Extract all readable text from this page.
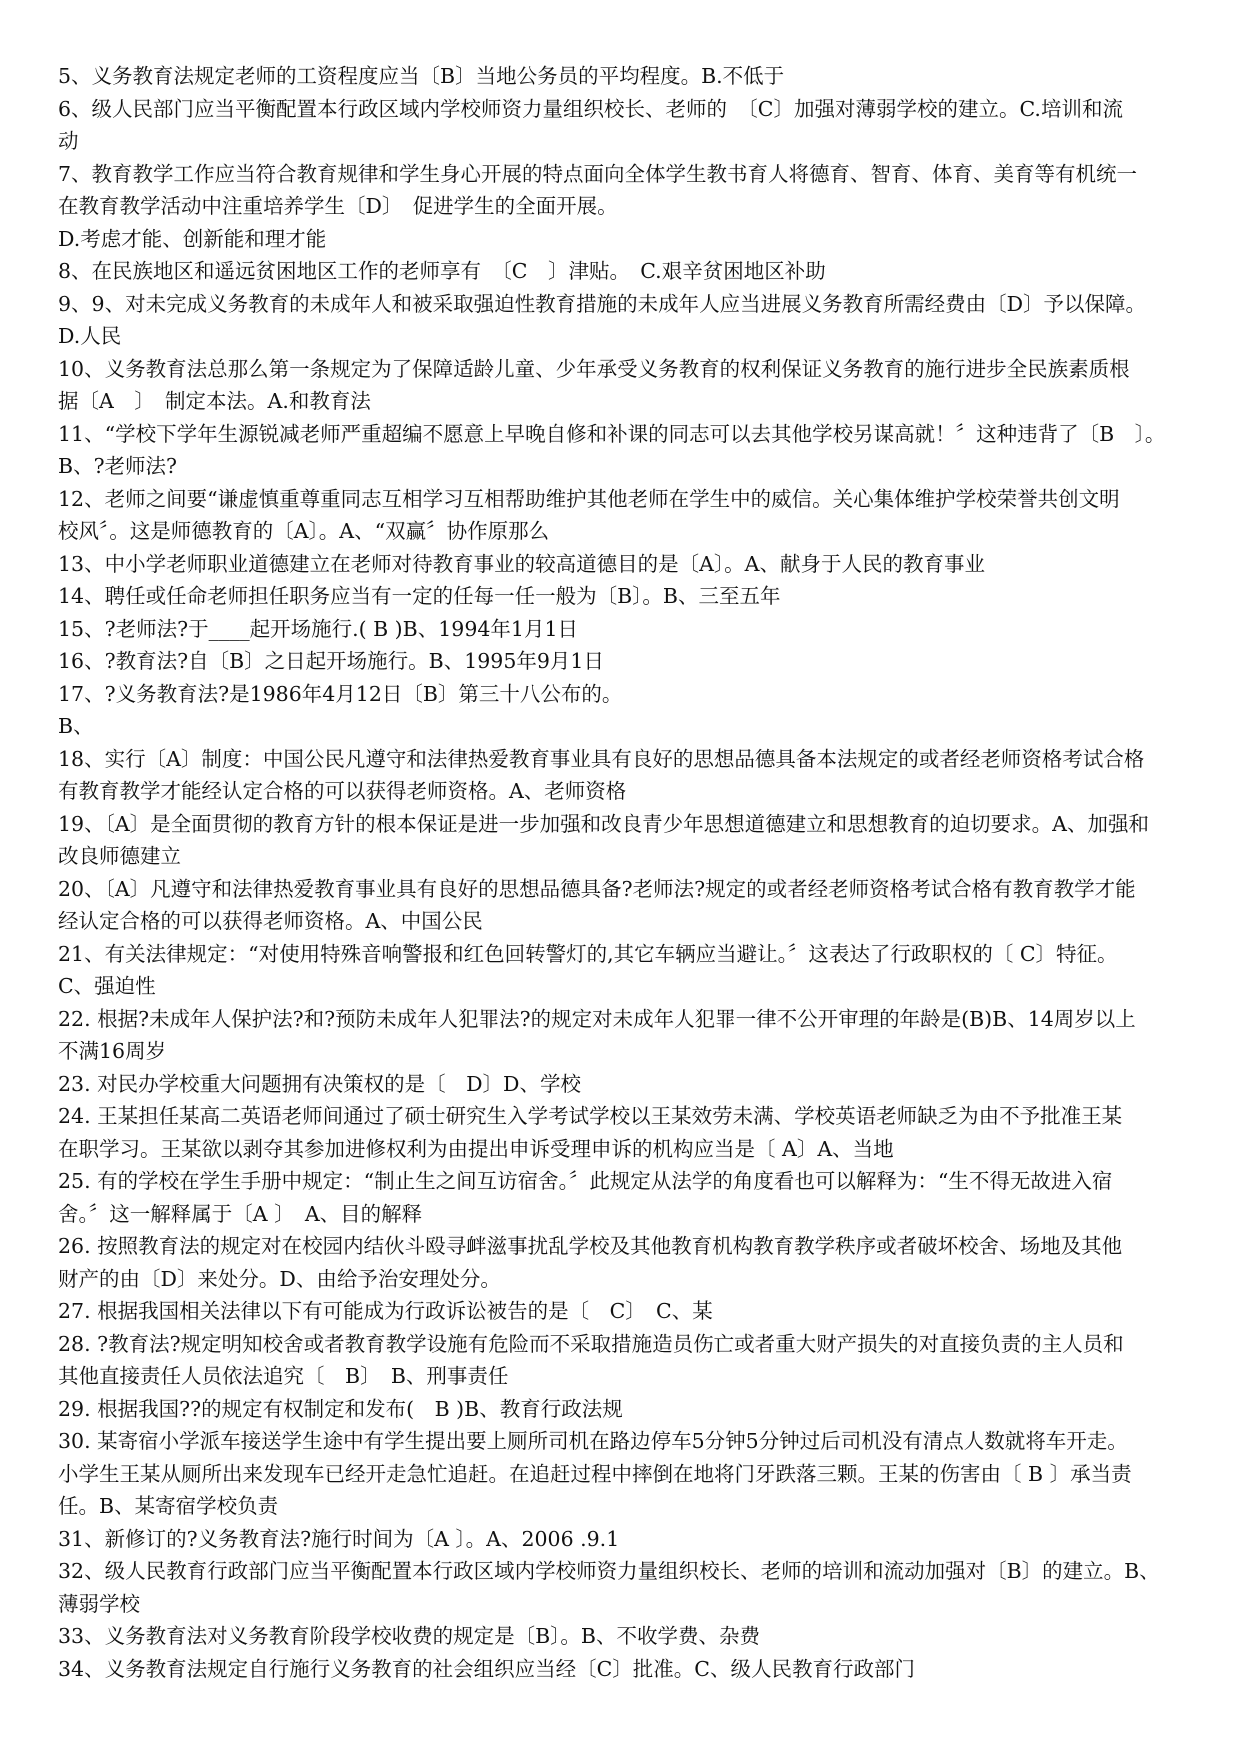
5、义务教育法规定老师的工资程度应当〔B〕当地公务员的平均程度。B.不低于
6、级人民部门应当平衡配置本行政区域内学校师资力量组织校长、老师的　〔C〕加强对薄弱学校的建立。C.培训和流
动
7、教育教学工作应当符合教育规律和学生身心开展的特点面向全体学生教书育人将德育、智育、体育、美育等有机统一
在教育教学活动中注重培养学生〔D〕　促进学生的全面开展。
D.考虑才能、创新能和理才能
8、在民族地区和遥远贫困地区工作的老师享有　〔C　〕津贴。　C.艰辛贫困地区补助
9、9、对未完成义务教育的未成年人和被采取强迫性教育措施的未成年人应当进展义务教育所需经费由〔D〕予以保障。
D.人民
10、义务教育法总那么第一条规定为了保障适龄儿童、少年承受义务教育的权利保证义务教育的施行进步全民族素质根
据〔A　〕　制定本法。A.和教育法
11、“学校下学年生源锐减老师严重超编不愿意上早晚自修和补课的同志可以去其他学校另谋高就！〞这种违背了〔B　〕。
B、?老师法?
12、老师之间要“谦虚慎重尊重同志互相学习互相帮助维护其他老师在学生中的威信。关心集体维护学校荣誉共创文明
校风〞。这是师德教育的〔A〕。A、“双赢〞协作原那么
13、中小学老师职业道德建立在老师对待教育事业的较高道德目的是〔A〕。A、献身于人民的教育事业
14、聘任或任命老师担任职务应当有一定的任每一任一般为〔B〕。B、三至五年
15、?老师法?于____起开场施行.( B )B、1994年1月1日
16、?教育法?自〔B〕之日起开场施行。B、1995年9月1日
17、?义务教育法?是1986年4月12日〔B〕第三十八公布的。
B、
18、实行〔A〕制度：中国公民凡遵守和法律热爱教育事业具有良好的思想品德具备本法规定的或者经老师资格考试合格
有教育教学才能经认定合格的可以获得老师资格。A、老师资格
19、〔A〕是全面贯彻的教育方针的根本保证是进一步加强和改良青少年思想道德建立和思想教育的迫切要求。A、加强和
改良师德建立
20、〔A〕凡遵守和法律热爱教育事业具有良好的思想品德具备?老师法?规定的或者经老师资格考试合格有教育教学才能
经认定合格的可以获得老师资格。A、中国公民
21、有关法律规定：“对使用特殊音响警报和红色回转警灯的,其它车辆应当避让。〞这表达了行政职权的〔 C〕特征。
C、强迫性
22. 根据?未成年人保护法?和?预防未成年人犯罪法?的规定对未成年人犯罪一律不公开审理的年龄是(B)B、14周岁以上
不满16周岁
23. 对民办学校重大问题拥有决策权的是〔　D〕D、学校
24. 王某担任某高二英语老师间通过了硕士研究生入学考试学校以王某效劳未满、学校英语老师缺乏为由不予批准王某
在职学习。王某欲以剥夺其参加进修权利为由提出申诉受理申诉的机构应当是〔 A〕A、当地
25. 有的学校在学生手册中规定：“制止生之间互访宿舍。〞此规定从法学的角度看也可以解释为：“生不得无故进入宿
舍。〞这一解释属于〔A 〕　A、目的解释
26. 按照教育法的规定对在校园内结伙斗殴寻衅滋事扰乱学校及其他教育机构教育教学秩序或者破坏校舍、场地及其他
财产的由〔D〕来处分。D、由给予治安理处分。
27. 根据我国相关法律以下有可能成为行政诉讼被告的是〔　C〕　C、某
28. ?教育法?规定明知校舍或者教育教学设施有危险而不采取措施造员伤亡或者重大财产损失的对直接负责的主人员和
其他直接责任人员依法追究〔　B〕　B、刑事责任
29. 根据我国??的规定有权制定和发布(　B )B、教育行政法规
30. 某寄宿小学派车接送学生途中有学生提出要上厕所司机在路边停车5分钟5分钟过后司机没有清点人数就将车开走。
小学生王某从厕所出来发现车已经开走急忙追赶。在追赶过程中摔倒在地将门牙跌落三颗。王某的伤害由〔 B 〕承当责
任。B、某寄宿学校负责
31、新修订的?义务教育法?施行时间为〔A 〕。A、2006 .9.1
32、级人民教育行政部门应当平衡配置本行政区域内学校师资力量组织校长、老师的培训和流动加强对〔B〕的建立。B、
薄弱学校
33、义务教育法对义务教育阶段学校收费的规定是〔B〕。B、不收学费、杂费
34、义务教育法规定自行施行义务教育的社会组织应当经〔C〕批准。C、级人民教育行政部门
